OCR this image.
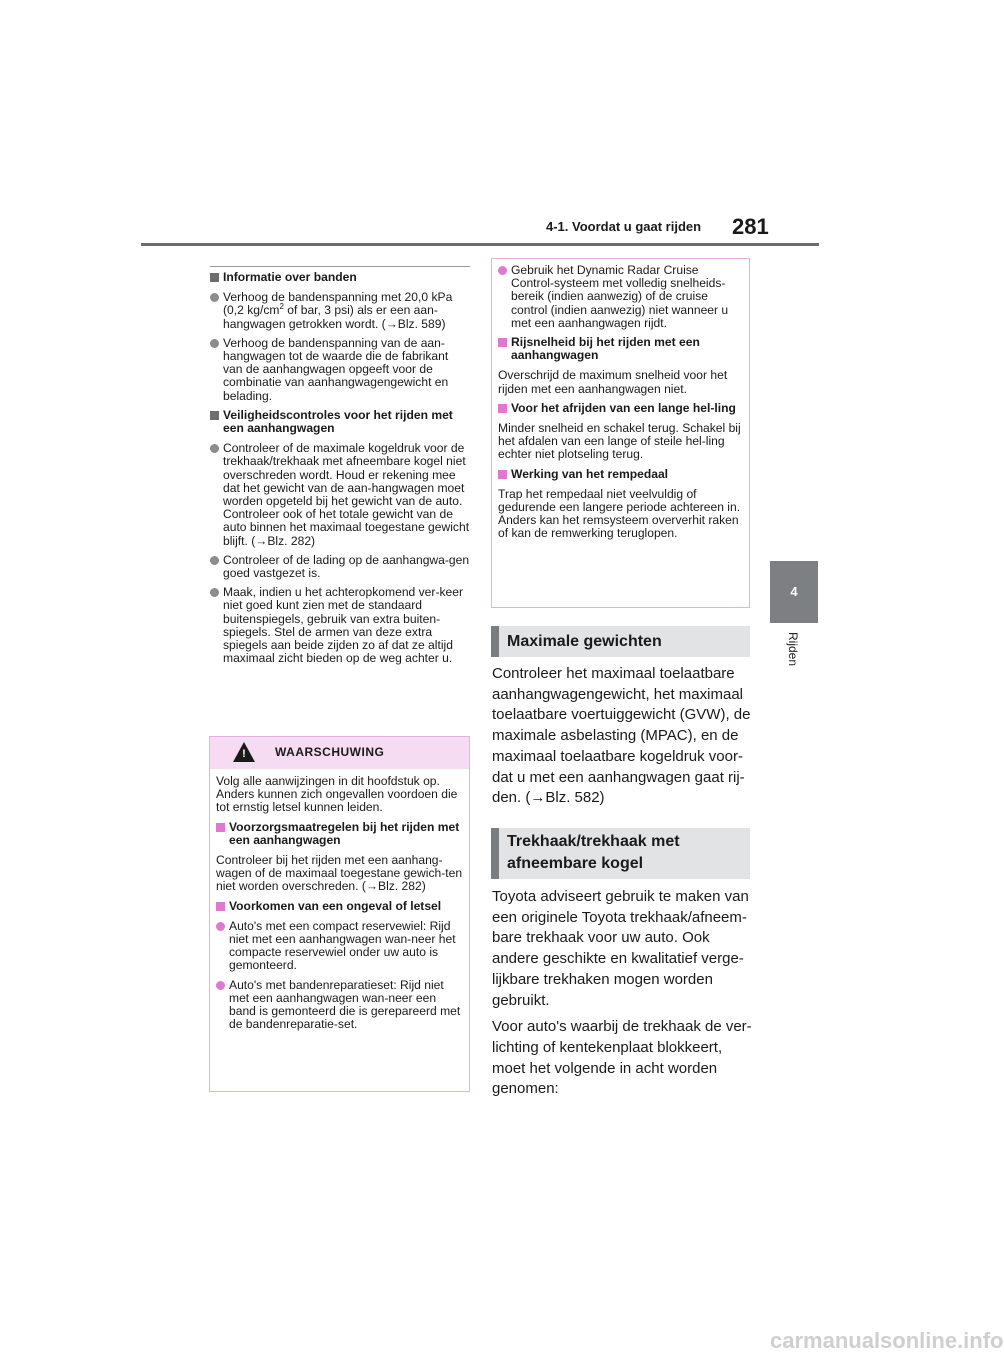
4-1. Voordat u gaat rijden 281
4
Rijden
Informatie over banden
Verhoog de bandenspanning met 20,0 kPa (0,2 $kg/cm^2$ of bar, 3 psi) als er een aan-hangwagen getrokken wordt. (→Blz. 589)
Verhoog de bandenspanning van de aan-hangwagen tot de waarde die de fabrikant van de aanhangwagen opgeeft voor de combinatie van aanhangwagengewicht en belading.
Veiligheidscontroles voor het rijden met een aanhangwagen
Controleer of de maximale kogeldruk voor de trekhaak/trekhaak met afneembare kogel niet overschreden wordt. Houd er rekening mee dat het gewicht van de aan-hangwagen moet worden opgeteld bij het gewicht van de auto. Controleer ook of het totale gewicht van de auto binnen het maximaal toegestane gewicht blijft. (→Blz. 282)
Controleer of de lading op de aanhangwa-gen goed vastgezet is.
Maak, indien u het achteropkomend ver-keer niet goed kunt zien met de standaard buitenspiegels, gebruik van extra buiten-spiegels. Stel de armen van deze extra spiegels aan beide zijden zo af dat ze altijd maximaal zicht bieden op de weg achter u.
! WAARSCHUWING
Volg alle aanwijzingen in dit hoofdstuk op. Anders kunnen zich ongevallen voordoen die tot ernstig letsel kunnen leiden.
Voorzorgsmaatregelen bij het rijden met een aanhangwagen
Controleer bij het rijden met een aanhang-wagen of de maximaal toegestane gewich-ten niet worden overschreden. (→Blz. 282)
Voorkomen van een ongeval of letsel
Auto's met een compact reservewiel: Rijd niet met een aanhangwagen wan-neer het compacte reservewiel onder uw auto is gemonteerd.
Auto's met bandenreparatieset: Rijd niet met een aanhangwagen wan-neer een band is gemonteerd die is gerepareerd met de bandenreparatie-set.
Gebruik het Dynamic Radar Cruise Control-systeem met volledig snelheids-bereik (indien aanwezig) of de cruise control (indien aanwezig) niet wanneer u met een aanhangwagen rijdt.
Rijsnelheid bij het rijden met een aanhangwagen
Overschrijd de maximum snelheid voor het rijden met een aanhangwagen niet.
Voor het afrijden van een lange hel-ling
Minder snelheid en schakel terug. Schakel bij het afdalen van een lange of steile hel-ling echter niet plotseling terug.
Werking van het rempedaal
Trap het rempedaal niet veelvuldig of gedurende een langere periode achtereen in. Anders kan het remsysteem oververhit raken of kan de remwerking teruglopen.
Maximale gewichten
Controleer het maximaal toelaatbare aanhangwagengewicht, het maximaal toelaatbare voertuiggewicht (GVW), de maximale asbelasting (MPAC), en de maximaal toelaatbare kogeldruk voor-dat u met een aanhangwagen gaat rij-den. (→Blz. 582)
Trekhaak/trekhaak met
afneembare kogel
Toyota adviseert gebruik te maken van een originele Toyota trekhaak/afneem-bare trekhaak voor uw auto. Ook andere geschikte en kwalitatief verge-lijkbare trekhaken mogen worden gebruikt.
Voor auto's waarbij de trekhaak de ver-lichting of kentekenplaat blokkeert, moet het volgende in acht worden genomen:
carmanualsonline.info
